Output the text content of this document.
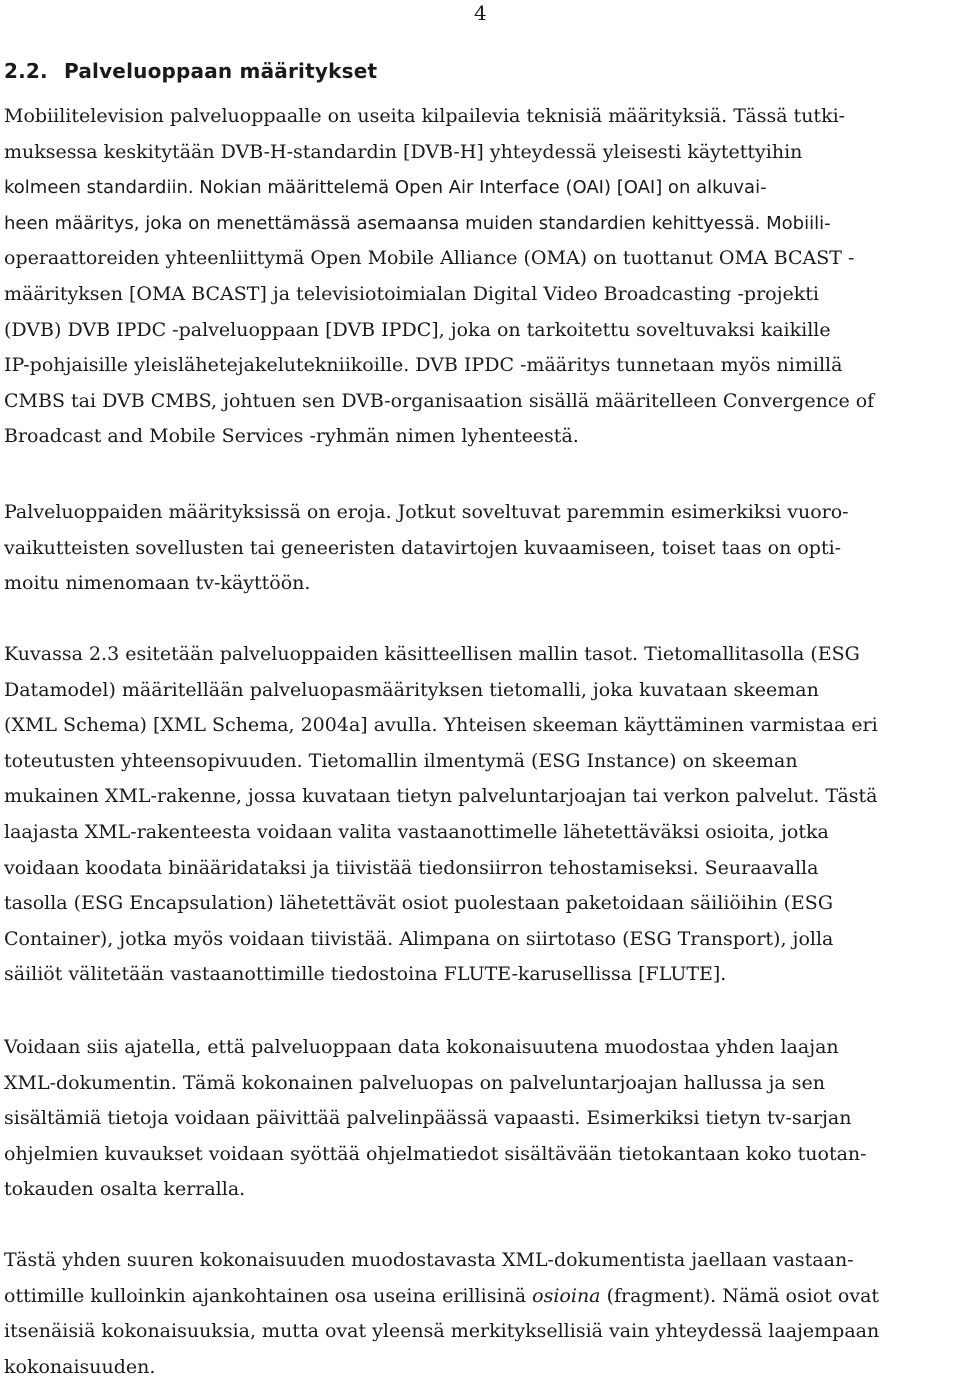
4
2.2. Palveluoppaan määritykset

Mobiilitelevision palveluoppaalle on useita kilpailevia teknisiä määrityksiä. Tässä tutki-
muksessa keskitytään DVB-H-standardin [DVB-H] yhteydessä yleisesti käytettyihin
kolmeen standardiin. Nokian määrittelemä Open Air Interface (OAI) [OAI] on alkuvai-
heen määritys, joka on menettämässä asemaansa muiden standardien kehittyessä. Mobiili-
operaattoreiden yhteenliittymä Open Mobile Alliance (OMA) on tuottanut OMA BCAST -
määrityksen [OMA BCAST] ja televisiotoimialan Digital Video Broadcasting -projekti
(DVB) DVB IPDC -palveluoppaan [DVB IPDC], joka on tarkoitettu soveltuvaksi kaikille
IP-pohjaisille yleislähetejakelutekniikoille. DVB IPDC -määritys tunnetaan myös nimillä
CMBS tai DVB CMBS, johtuen sen DVB-organisaation sisällä määritelleen Convergence of
Broadcast and Mobile Services -ryhmän nimen lyhenteestä.

Palveluoppaiden määrityksissä on eroja. Jotkut soveltuvat paremmin esimerkiksi vuoro-
vaikutteisten sovellusten tai geneeristen datavirtojen kuvaamiseen, toiset taas on opti-
moitu nimenomaan tv-käyttöön.

Kuvassa 2.3 esitetään palveluoppaiden käsitteellisen mallin tasot. Tietomallitasolla (ESG
Datamodel) määritellään palveluopasmäärityksen tietomalli, joka kuvataan skeeman
(XML Schema) [XML Schema, 2004a] avulla. Yhteisen skeeman käyttäminen varmistaa eri
toteutusten yhteensopivuuden. Tietomallin ilmentymä (ESG Instance) on skeeman
mukainen XML-rakenne, jossa kuvataan tietyn palveluntarjoajan tai verkon palvelut. Tästä
laajasta XML-rakenteesta voidaan valita vastaanottimelle lähetettäväksi osioita, jotka
voidaan koodata binääridataksi ja tiivistää tiedonsiirron tehostamiseksi. Seuraavalla
tasolla (ESG Encapsulation) lähetettävät osiot puolestaan paketoidaan säiliöihin (ESG
Container), jotka myös voidaan tiivistää. Alimpana on siirtotaso (ESG Transport), jolla
säiliöt välitetään vastaanottimille tiedostoina FLUTE-karusellissa [FLUTE].

Voidaan siis ajatella, että palveluoppaan data kokonaisuutena muodostaa yhden laajan
XML-dokumentin. Tämä kokonainen palveluopas on palveluntarjoajan hallussa ja sen
sisältämiä tietoja voidaan päivittää palvelinpäässä vapaasti. Esimerkiksi tietyn tv-sarjan
ohjelmien kuvaukset voidaan syöttää ohjelmatiedot sisältävään tietokantaan koko tuotan-
tokauden osalta kerralla.

Tästä yhden suuren kokonaisuuden muodostavasta XML-dokumentista jaellaan vastaan-
ottimille kulloinkin ajankohtainen osa useina erillisinä osioina (fragment). Nämä osiot ovat
itsenäisiä kokonaisuuksia, mutta ovat yleensä merkityksellisiä vain yhteydessä laajempaan
kokonaisuuden.
